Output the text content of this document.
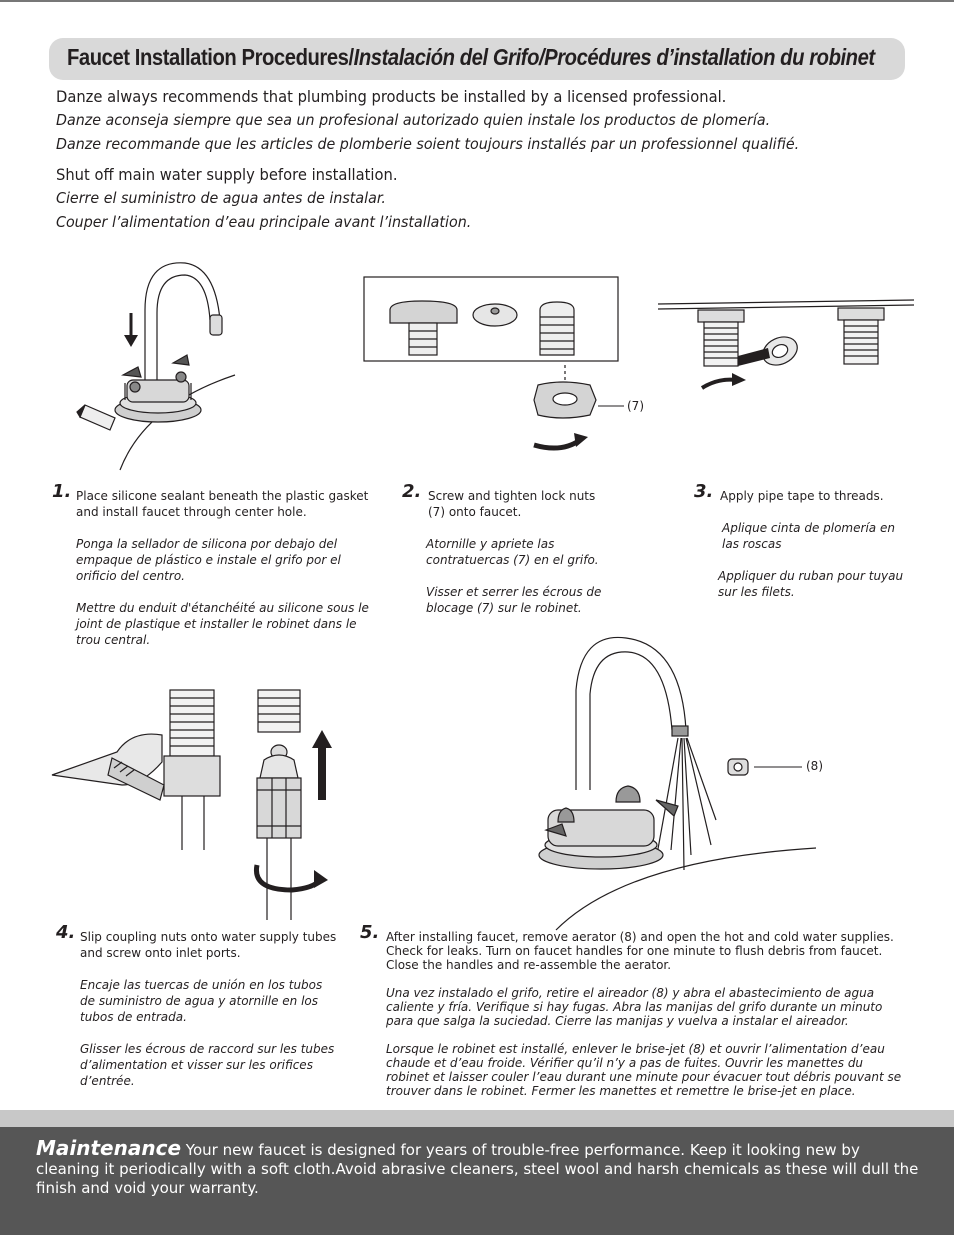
Faucet Installation Procedures/Instalación del Grifo/Procédures d’installation du robinet
Danze always recommends that plumbing products be installed by a licensed professional.
Danze aconseja siempre que sea un profesional autorizado quien instale los productos de plomería.
Danze recommande que les articles de plomberie soient toujours installés par un professionnel qualifié.
Shut off main water supply before installation.
Cierre el suministro de agua antes de instalar.
Couper l’alimentation d’eau principale avant l’installation.
(7)
1. Place silicone sealant beneath the plastic gasket and install faucet through center hole.

Ponga la sellador de silicona por debajo del empaque de plástico e instale el grifo por el orificio del centro.

Mettre du enduit d'étanchéité au silicone sous le joint de plastique et installer le robinet dans le trou central.

2. Screw and tighten lock nuts (7) onto faucet.

Atornille y apriete las contratuercas (7) en el grifo.

Visser et serrer les écrous de blocage (7) sur le robinet.

3. Apply pipe tape to threads.

Aplique cinta de plomería en las roscas

Appliquer du ruban pour tuyau sur les filets.

(8)
4. Slip coupling nuts onto water supply tubes and screw onto inlet ports.

Encaje las tuercas de unión en los tubos de suministro de agua y atornille en los tubos de entrada.

Glisser les écrous de raccord sur les tubes d’alimentation et visser sur les orifices d’entrée.

5. After installing faucet, remove aerator (8) and open the hot and cold water supplies. Check for leaks. Turn on faucet handles for one minute to flush debris from faucet. Close the handles and re-assemble the aerator.

Una vez instalado el grifo, retire el aireador (8) y abra el abastecimiento de agua caliente y fría. Verifique si hay fugas. Abra las manijas del grifo durante un minuto para que salga la suciedad. Cierre las manijas y vuelva a instalar el aireador.

Lorsque le robinet est installé, enlever le brise-jet (8) et ouvrir l’alimentation d’eau chaude et d’eau froide. Vérifier qu’il n’y a pas de fuites. Ouvrir les manettes du robinet et laisser couler l’eau durant une minute pour évacuer tout débris pouvant se trouver dans le robinet. Fermer les manettes et remettre le brise-jet en place.

Maintenance Your new faucet is designed for years of trouble-free performance. Keep it looking new by cleaning it periodically with a soft cloth.Avoid abrasive cleaners, steel wool and harsh chemicals as these will dull the finish and void your warranty.
